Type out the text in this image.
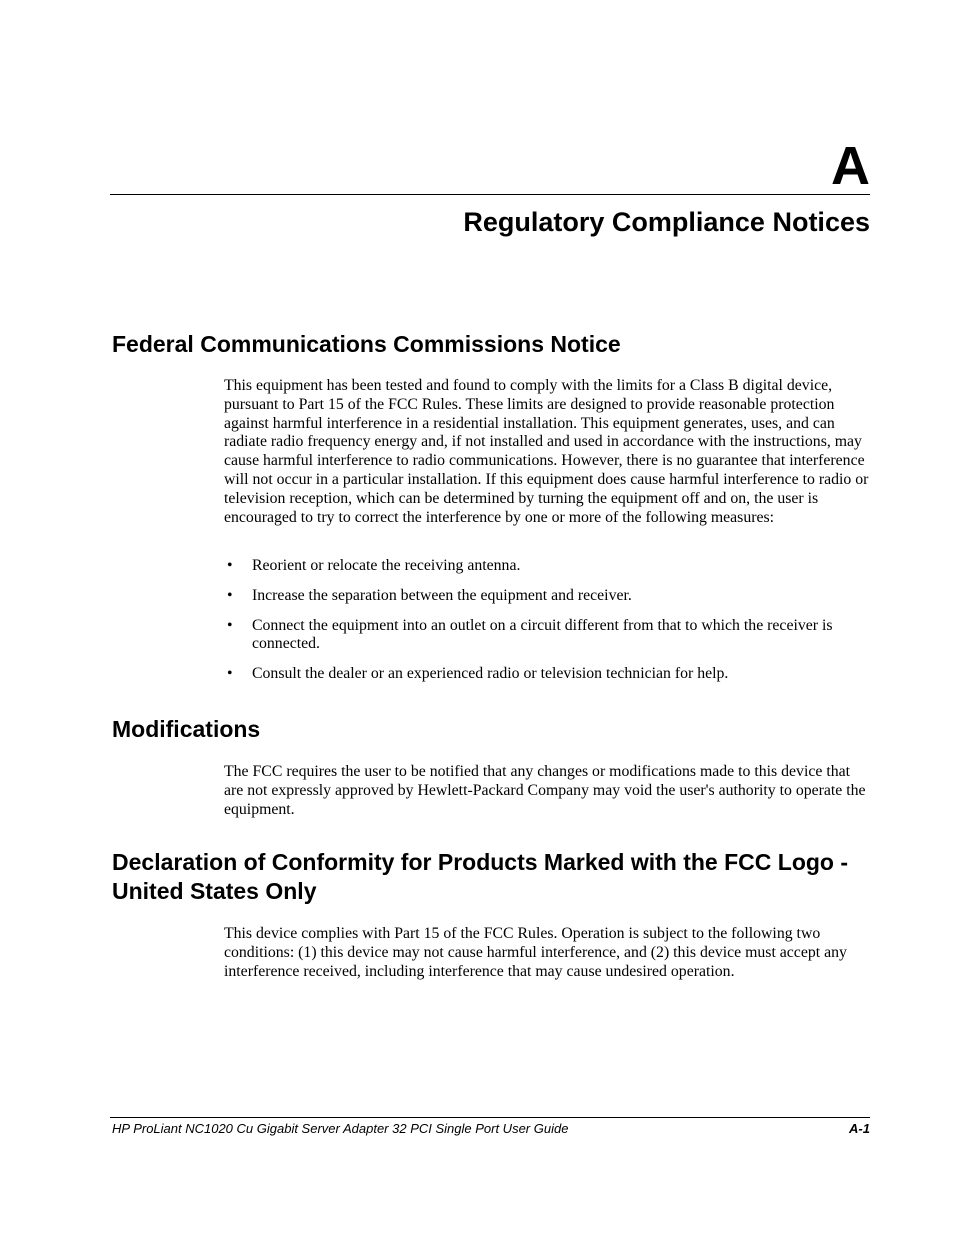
A
Regulatory Compliance Notices
Federal Communications Commissions Notice

This equipment has been tested and found to comply with the limits for a Class B digital device, pursuant to Part 15 of the FCC Rules. These limits are designed to provide reasonable protection against harmful interference in a residential installation. This equipment generates, uses, and can radiate radio frequency energy and, if not installed and used in accordance with the instructions, may cause harmful interference to radio communications. However, there is no guarantee that interference will not occur in a particular installation. If this equipment does cause harmful interference to radio or television reception, which can be determined by turning the equipment off and on, the user is encouraged to try to correct the interference by one or more of the following measures:

• Reorient or relocate the receiving antenna.
• Increase the separation between the equipment and receiver.
• Connect the equipment into an outlet on a circuit different from that to which the receiver is connected.
• Consult the dealer or an experienced radio or television technician for help.
Modifications

The FCC requires the user to be notified that any changes or modifications made to this device that are not expressly approved by Hewlett-Packard Company may void the user's authority to operate the equipment.

Declaration of Conformity for Products Marked with the FCC Logo - United States Only

This device complies with Part 15 of the FCC Rules. Operation is subject to the following two conditions: (1) this device may not cause harmful interference, and (2) this device must accept any interference received, including interference that may cause undesired operation.

HP ProLiant NC1020 Cu Gigabit Server Adapter 32 PCI Single Port User Guide	A-1
